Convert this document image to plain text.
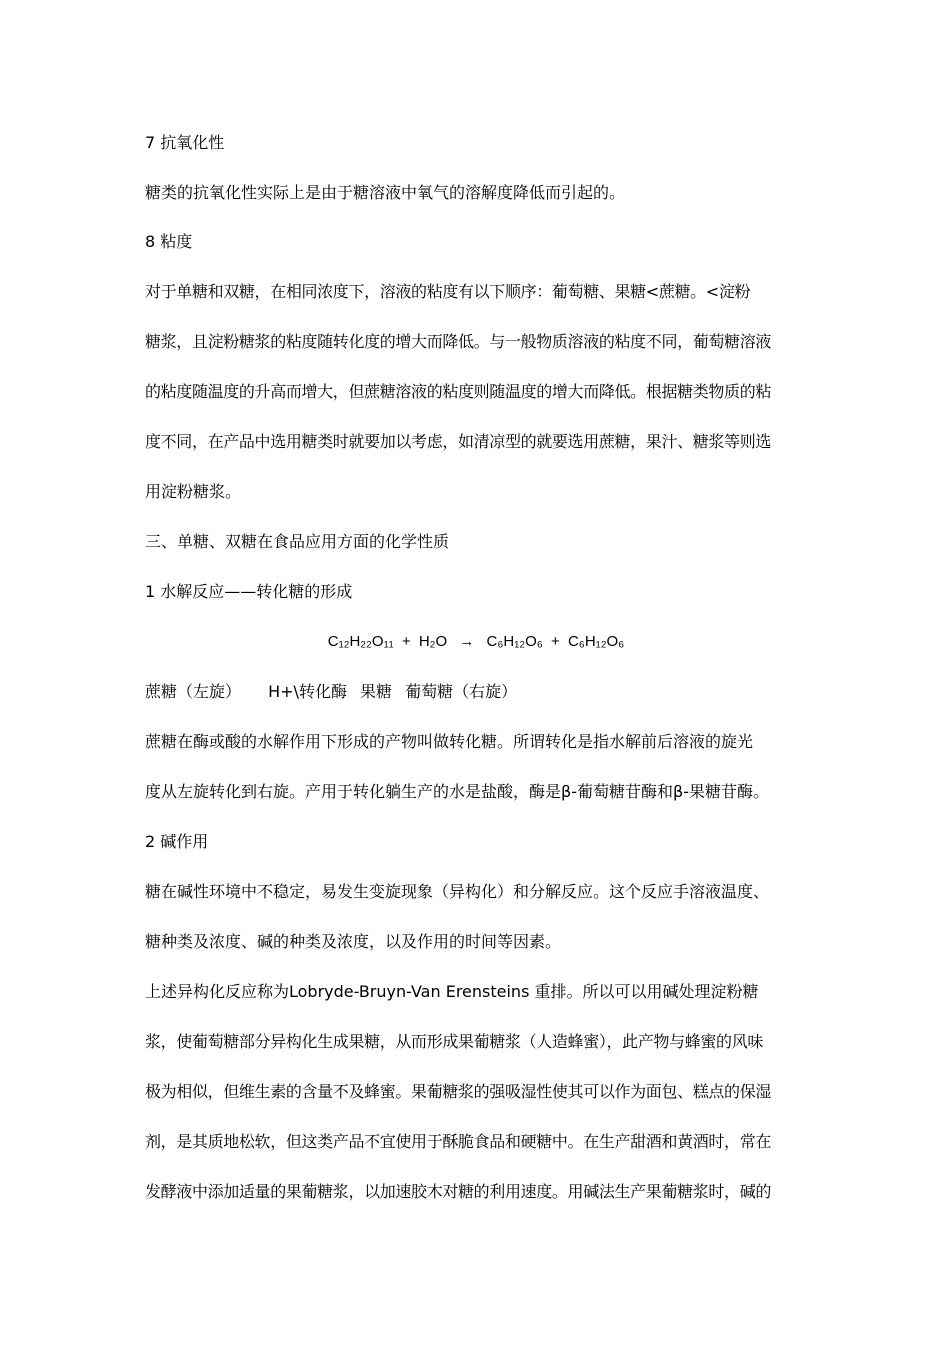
7 抗氧化性

糖类的抗氧化性实际上是由于糖溶液中氧气的溶解度降低而引起的。

8 粘度

对于单糖和双糖，在相同浓度下，溶液的粘度有以下顺序：葡萄糖、果糖<蔗糖。<淀粉

糖浆，且淀粉糖浆的粘度随转化度的增大而降低。与一般物质溶液的粘度不同，葡萄糖溶液

的粘度随温度的升高而增大，但蔗糖溶液的粘度则随温度的增大而降低。根据糖类物质的粘

度不同，在产品中选用糖类时就要加以考虑，如清凉型的就要选用蔗糖，果汁、糖浆等则选

用淀粉糖浆。

三、单糖、双糖在食品应用方面的化学性质

1 水解反应——转化糖的形成

C₁₂H₂₂O₁₁ + H₂O → C₆H₁₂O₆ + C₆H₁₂O₆

蔗糖（左旋） H+\转化酶 果糖 葡萄糖（右旋）

蔗糖在酶或酸的水解作用下形成的产物叫做转化糖。所谓转化是指水解前后溶液的旋光

度从左旋转化到右旋。产用于转化躺生产的水是盐酸，酶是β-葡萄糖苷酶和β-果糖苷酶。

2 碱作用

糖在碱性环境中不稳定，易发生变旋现象（异构化）和分解反应。这个反应手溶液温度、

糖种类及浓度、碱的种类及浓度，以及作用的时间等因素。

上述异构化反应称为Lobryde-Bruyn-Van Erensteins 重排。所以可以用碱处理淀粉糖

浆，使葡萄糖部分异构化生成果糖，从而形成果葡糖浆（人造蜂蜜），此产物与蜂蜜的风味

极为相似，但维生素的含量不及蜂蜜。果葡糖浆的强吸湿性使其可以作为面包、糕点的保湿

剂，是其质地松软，但这类产品不宜使用于酥脆食品和硬糖中。在生产甜酒和黄酒时，常在

发酵液中添加适量的果葡糖浆，以加速胶木对糖的利用速度。用碱法生产果葡糖浆时，碱的
